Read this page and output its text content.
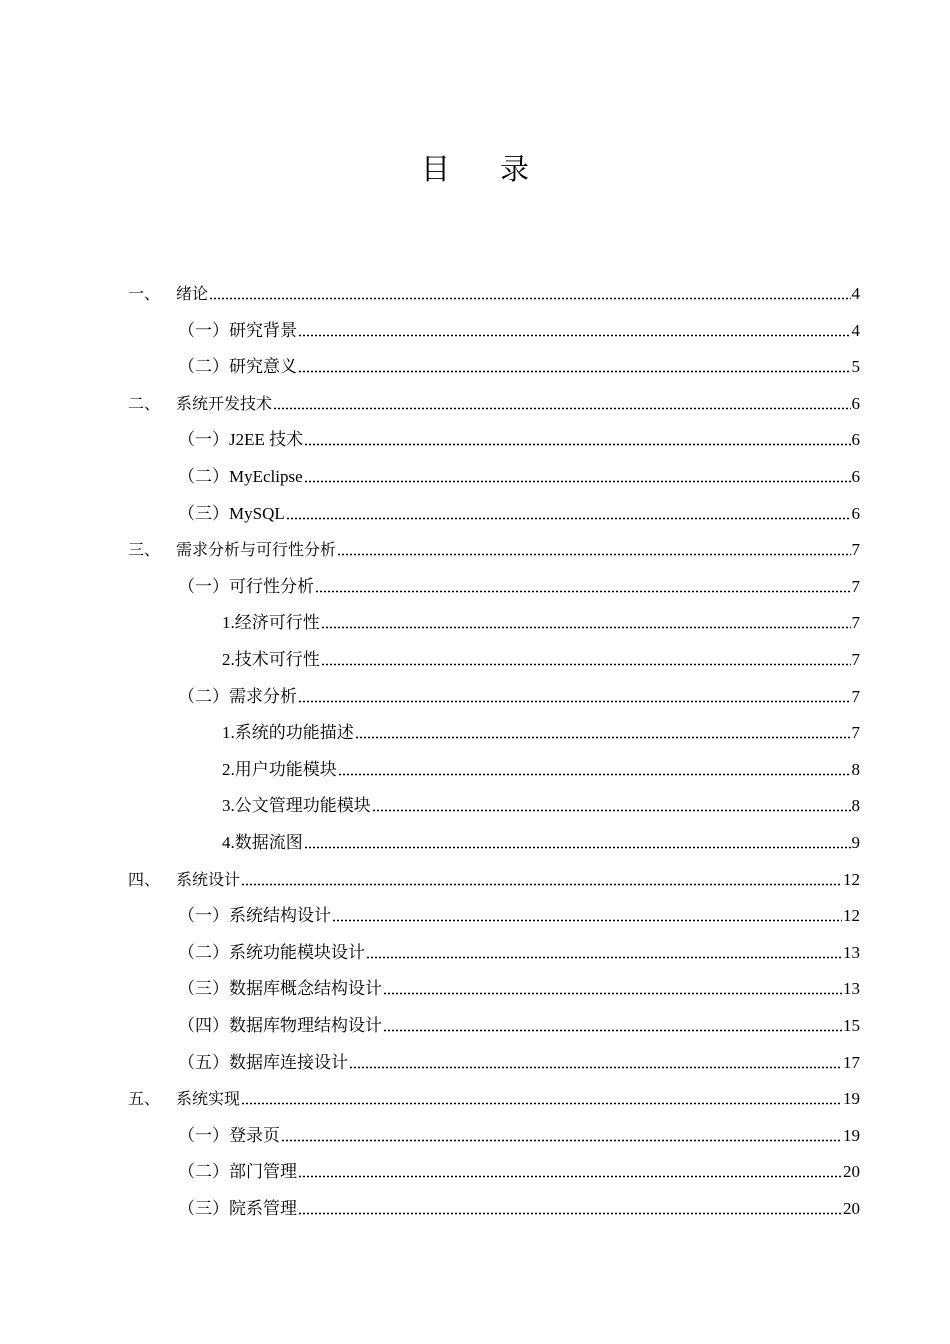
目 录
一、 绪论	4
（一）研究背景	4
（二）研究意义	5
二、 系统开发技术	6
（一）J2EE 技术	6
（二）MyEclipse	6
（三）MySQL	6
三、 需求分析与可行性分析	7
（一）可行性分析	7
1.经济可行性	7
2.技术可行性	7
（二）需求分析	7
1.系统的功能描述	7
2.用户功能模块	8
3.公文管理功能模块	8
4.数据流图	9
四、 系统设计	12
（一）系统结构设计	12
（二）系统功能模块设计	13
（三）数据库概念结构设计	13
（四）数据库物理结构设计	15
（五）数据库连接设计	17
五、 系统实现	19
（一）登录页	19
（二）部门管理	20
（三）院系管理	20
